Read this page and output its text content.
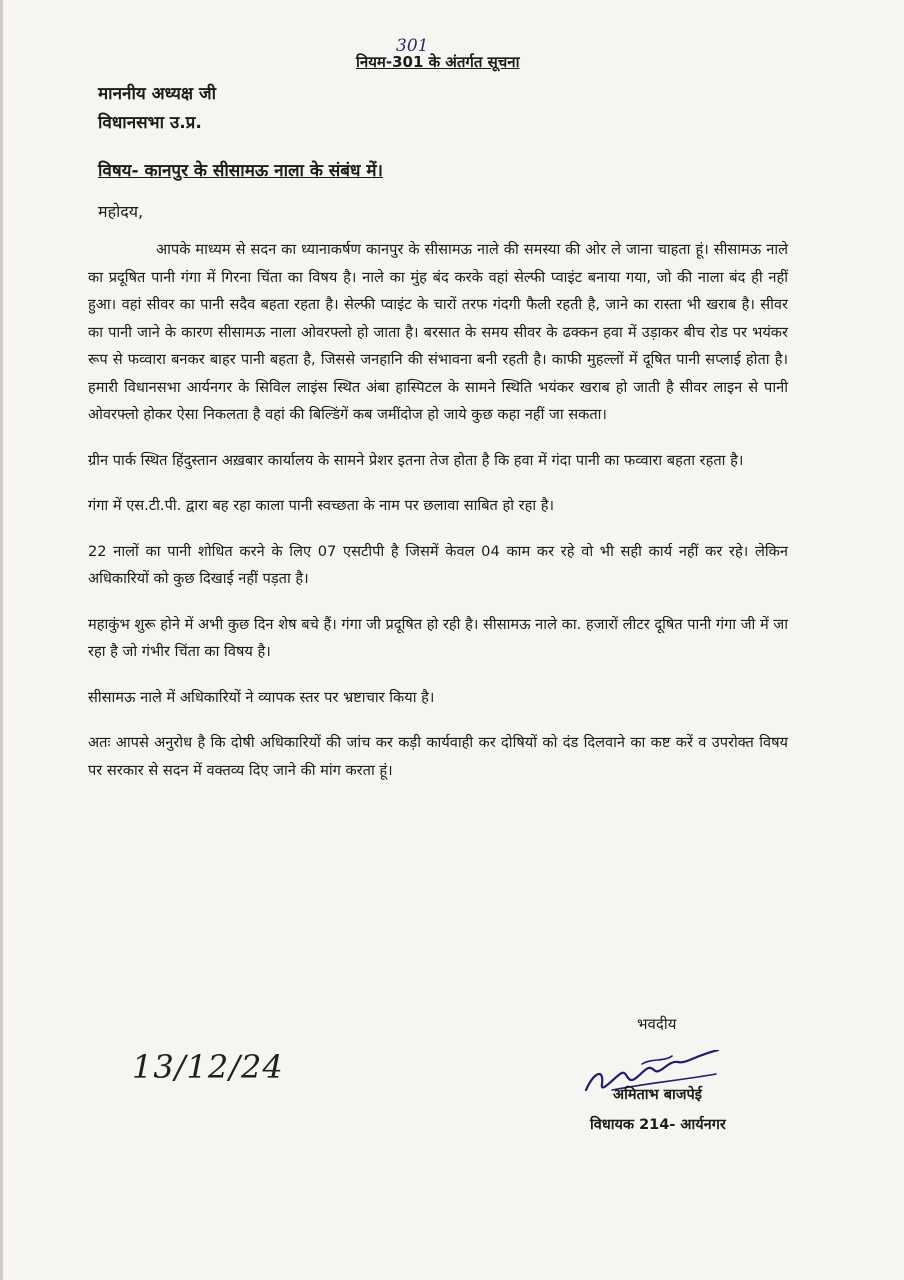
नियम-301 के अंतर्गत सूचना
301
माननीय अध्यक्ष जी
विधानसभा उ.प्र.
विषय- कानपुर के सीसामऊ नाला के संबंध में।
महोदय,

आपके माध्यम से सदन का ध्यानाकर्षण कानपुर के सीसामऊ नाले की समस्या की ओर ले जाना चाहता हूं। सीसामऊ नाले का प्रदूषित पानी गंगा में गिरना चिंता का विषय है। नाले का मुंह बंद करके वहां सेल्फी प्वाइंट बनाया गया, जो की नाला बंद ही नहीं हुआ। वहां सीवर का पानी सदैव बहता रहता है। सेल्फी प्वाइंट के चारों तरफ गंदगी फैली रहती है, जाने का रास्ता भी खराब है। सीवर का पानी जाने के कारण सीसामऊ नाला ओवरफ्लो हो जाता है। बरसात के समय सीवर के ढक्कन हवा में उड़ाकर बीच रोड पर भयंकर रूप से फव्वारा बनकर बाहर पानी बहता है, जिससे जनहानि की संभावना बनी रहती है। काफी मुहल्लों में दूषित पानी सप्लाई होता है। हमारी विधानसभा आर्यनगर के सिविल लाइंस स्थित अंबा हास्पिटल के सामने स्थिति भयंकर खराब हो जाती है सीवर लाइन से पानी ओवरफ्लो होकर ऐसा निकलता है वहां की बिल्डिंगें कब जमींदोज हो जाये कुछ कहा नहीं जा सकता।

ग्रीन पार्क स्थित हिंदुस्तान अख़बार कार्यालय के सामने प्रेशर इतना तेज होता है कि हवा में गंदा पानी का फव्वारा बहता रहता है।

गंगा में एस.टी.पी. द्वारा बह रहा काला पानी स्वच्छता के नाम पर छलावा साबित हो रहा है।

22 नालों का पानी शोधित करने के लिए 07 एसटीपी है जिसमें केवल 04 काम कर रहे वो भी सही कार्य नहीं कर रहे। लेकिन अधिकारियों को कुछ दिखाई नहीं पड़ता है।

महाकुंभ शुरू होने में अभी कुछ दिन शेष बचे हैं। गंगा जी प्रदूषित हो रही है। सीसामऊ नाले का. हजारों लीटर दूषित पानी गंगा जी में जा रहा है जो गंभीर चिंता का विषय है।

सीसामऊ नाले में अधिकारियों ने व्यापक स्तर पर भ्रष्टाचार किया है।

अतः आपसे अनुरोध है कि दोषी अधिकारियों की जांच कर कड़ी कार्यवाही कर दोषियों को दंड दिलवाने का कष्ट करें व उपरोक्त विषय पर सरकार से सदन में वक्तव्य दिए जाने की मांग करता हूं।

भवदीय
13/12/24
अमिताभ बाजपेई
विधायक 214- आर्यनगर
